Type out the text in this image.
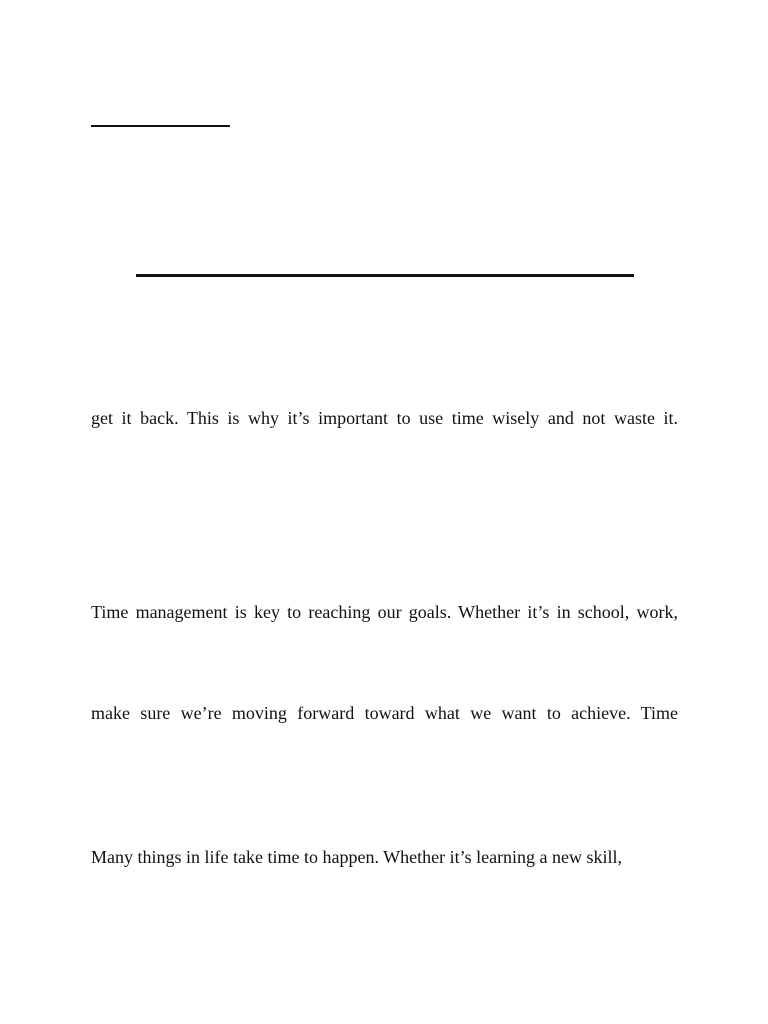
get it back. This is why it’s important to use time wisely and not waste it.
Time management is key to reaching our goals. Whether it’s in school, work,
make sure we’re moving forward toward what we want to achieve. Time
Many things in life take time to happen. Whether it’s learning a new skill,
